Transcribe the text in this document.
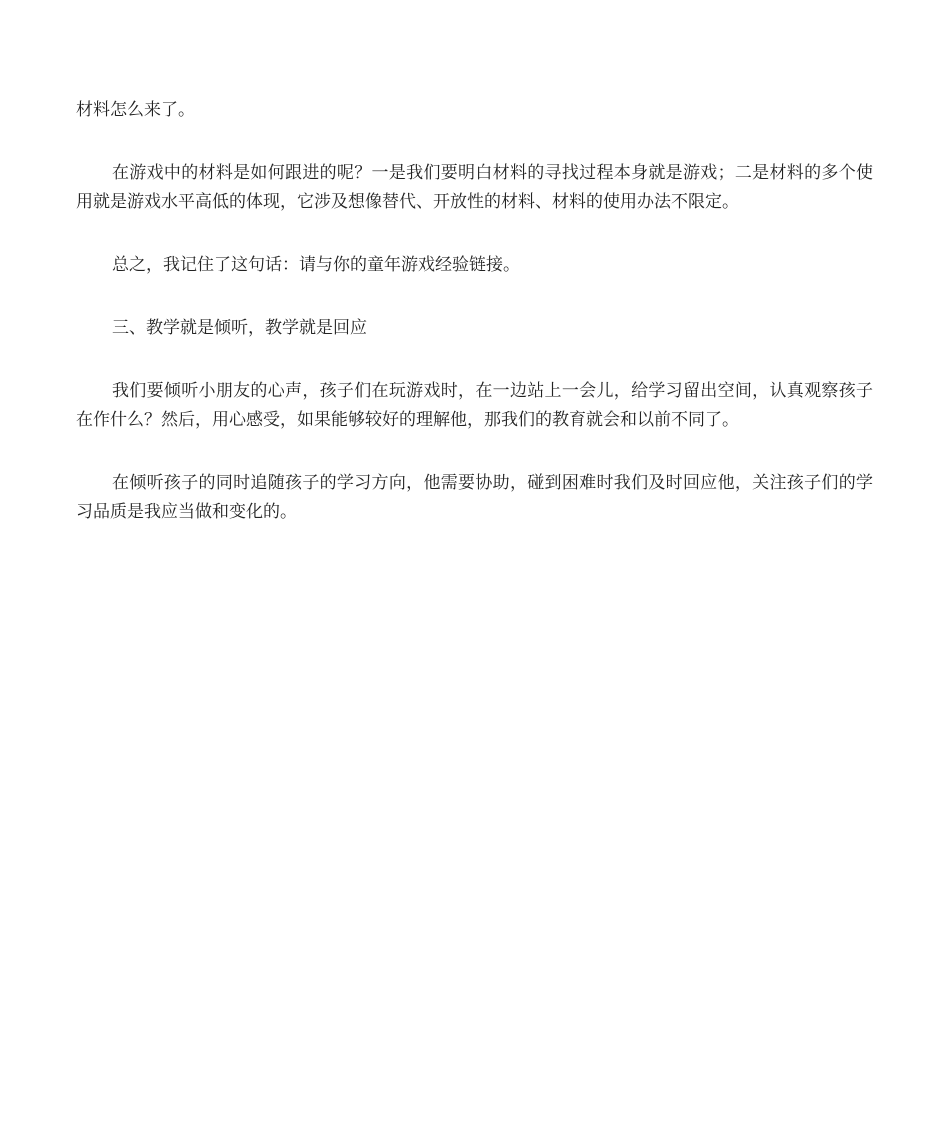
材料怎么来了。

在游戏中的材料是如何跟进的呢？一是我们要明白材料的寻找过程本身就是游戏；二是材料的多个使用就是游戏水平高低的体现，它涉及想像替代、开放性的材料、材料的使用办法不限定。

总之，我记住了这句话：请与你的童年游戏经验链接。

三、教学就是倾听，教学就是回应

我们要倾听小朋友的心声，孩子们在玩游戏时，在一边站上一会儿，给学习留出空间，认真观察孩子在作什么？然后，用心感受，如果能够较好的理解他，那我们的教育就会和以前不同了。

在倾听孩子的同时追随孩子的学习方向，他需要协助，碰到困难时我们及时回应他，关注孩子们的学习品质是我应当做和变化的。
